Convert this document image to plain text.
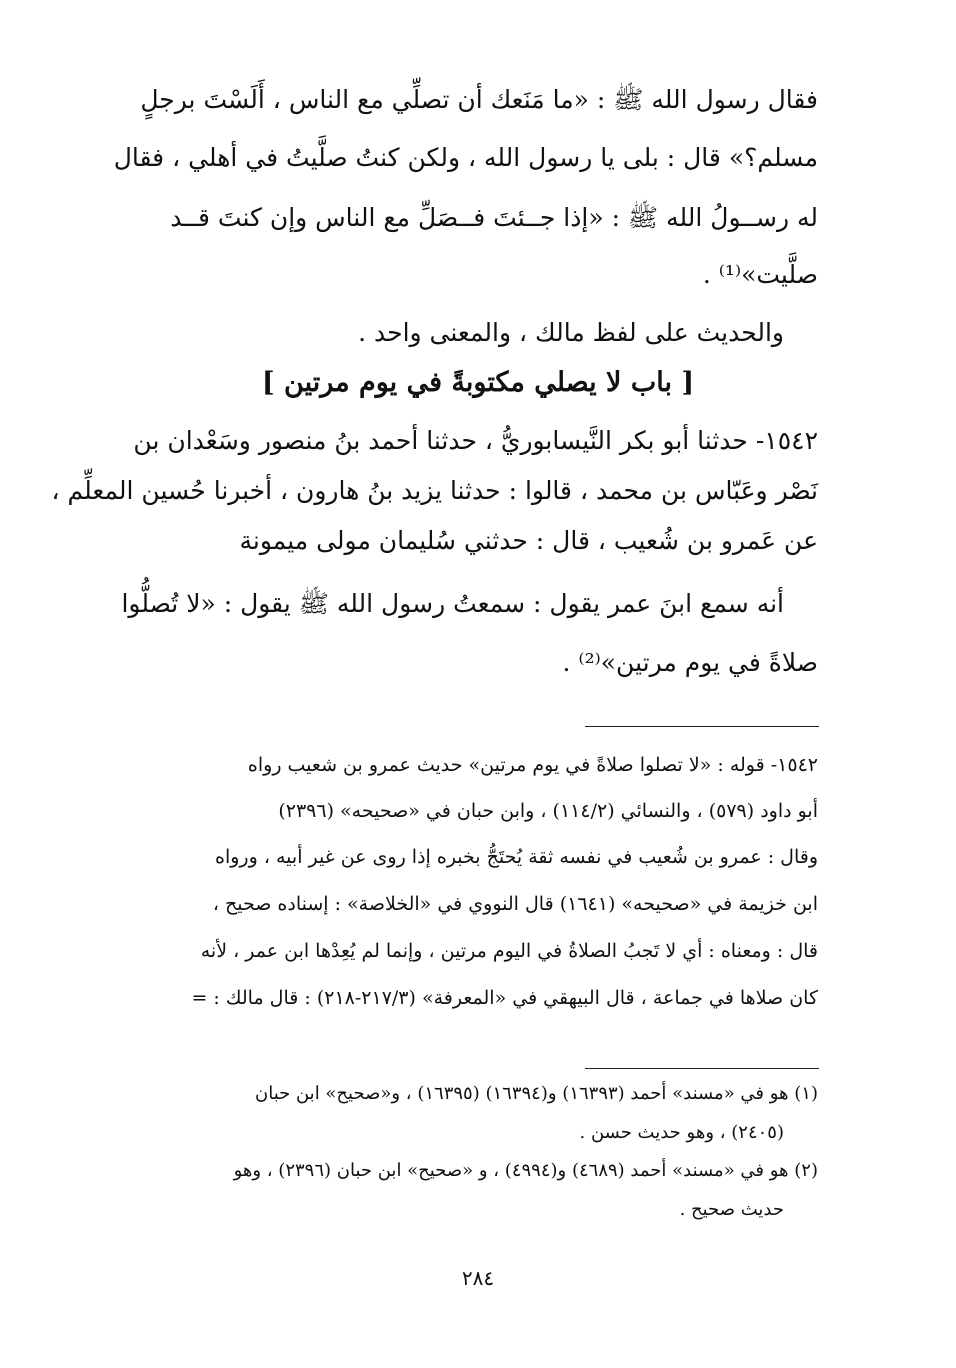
فقال رسول الله ﷺ : «ما مَنَعك أن تصلِّي مع الناس ، أَلَسْتَ برجلٍ
مسلم؟» قال : بلى يا رسول الله ، ولكن كنتُ صلَّيتُ في أهلي ، فقال
له رســولُ الله ﷺ : «إذا جــئتَ فــصَلِّ مع الناس وإن كنتَ قــد
صلَّيت»⁽¹⁾ .
والحديث على لفظ مالك ، والمعنى واحد .
[ باب لا يصلي مكتوبةً في يوم مرتين ]
١٥٤٢- حدثنا أبو بكر النَّيسابوريُّ ، حدثنا أحمد بنُ منصور وسَعْدان بن
نَصْر وعَبّاس بن محمد ، قالوا : حدثنا يزيد بنُ هارون ، أخبرنا حُسين المعلِّم ،
عن عَمرو بن شُعيب ، قال : حدثني سُليمان مولى ميمونة
أنه سمع ابنَ عمر يقول : سمعتُ رسول الله ﷺ يقول : «لا تُصلُّوا
صلاةً في يوم مرتين»⁽²⁾ .
١٥٤٢- قوله : «لا تصلوا صلاةً في يوم مرتين» حديث عمرو بن شعيب رواه
أبو داود (٥٧٩) ، والنسائي (١١٤/٢) ، وابن حبان في «صحيحه» (٢٣٩٦)
وقال : عمرو بن شُعيب في نفسه ثقة يُحتَجُّ بخبره إذا روى عن غير أبيه ، ورواه
ابن خزيمة في «صحيحه» (١٦٤١) قال النووي في «الخلاصة» : إسناده صحيح ،
قال : ومعناه : أي لا تَجبُ الصلاةُ في اليوم مرتين ، وإنما لم يُعِدْها ابن عمر ، لأنه
كان صلاها في جماعة ، قال البيهقي في «المعرفة» (٢١٧/٣-٢١٨) : قال مالك : =
(١) هو في «مسند» أحمد (١٦٣٩٣) و(١٦٣٩٤) (١٦٣٩٥) ، و«صحيح» ابن حبان
(٢٤٠٥) ، وهو حديث حسن .
(٢) هو في «مسند» أحمد (٤٦٨٩) و(٤٩٩٤) ، و «صحيح» ابن حبان (٢٣٩٦) ، وهو
حديث صحيح .
٢٨٤
